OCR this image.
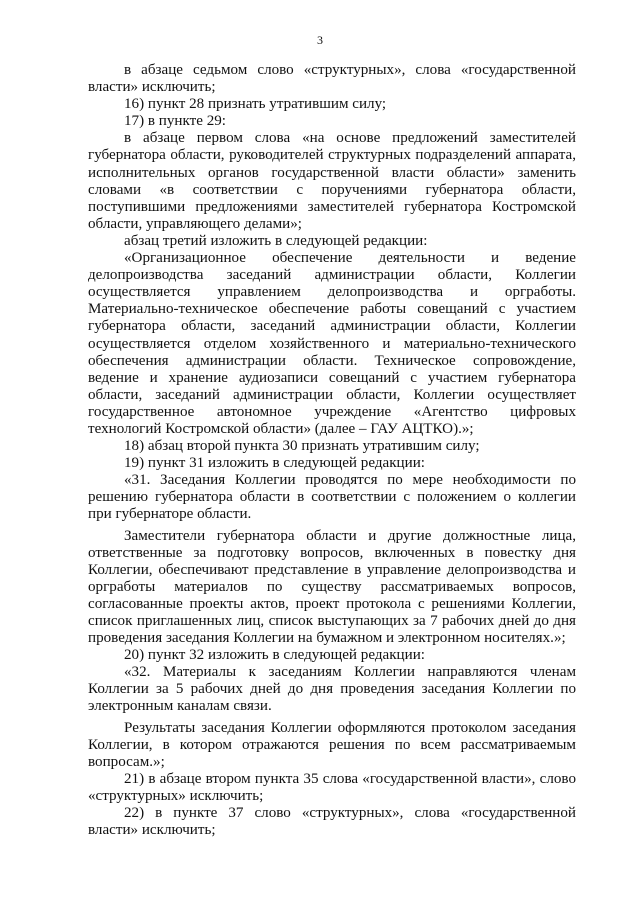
3

в абзаце седьмом слово «структурных», слова «государственной власти» исключить;

16) пункт 28 признать утратившим силу;

17) в пункте 29:

в абзаце первом слова «на основе предложений заместителей губернатора области, руководителей структурных подразделений аппарата, исполнительных органов государственной власти области» заменить словами «в соответствии с поручениями губернатора области, поступившими предложениями заместителей губернатора Костромской области, управляющего делами»;

абзац третий изложить в следующей редакции:

«Организационное обеспечение деятельности и ведение делопроизводства заседаний администрации области, Коллегии осуществляется управлением делопроизводства и оргработы. Материально-техническое обеспечение работы совещаний с участием губернатора области, заседаний администрации области, Коллегии осуществляется отделом хозяйственного и материально-технического обеспечения администрации области. Техническое сопровождение, ведение и хранение аудиозаписи совещаний с участием губернатора области, заседаний администрации области, Коллегии осуществляет государственное автономное учреждение «Агентство цифровых технологий Костромской области» (далее – ГАУ АЦТКО).»;

18) абзац второй пункта 30 признать утратившим силу;

19) пункт 31 изложить в следующей редакции:

«31. Заседания Коллегии проводятся по мере необходимости по решению губернатора области в соответствии с положением о коллегии при губернаторе области.

Заместители губернатора области и другие должностные лица, ответственные за подготовку вопросов, включенных в повестку дня Коллегии, обеспечивают представление в управление делопроизводства и оргработы материалов по существу рассматриваемых вопросов, согласованные проекты актов, проект протокола с решениями Коллегии, список приглашенных лиц, список выступающих за 7 рабочих дней до дня проведения заседания Коллегии на бумажном и электронном носителях.»;

20) пункт 32 изложить в следующей редакции:

«32. Материалы к заседаниям Коллегии направляются членам Коллегии за 5 рабочих дней до дня проведения заседания Коллегии по электронным каналам связи.

Результаты заседания Коллегии оформляются протоколом заседания Коллегии, в котором отражаются решения по всем рассматриваемым вопросам.»;

21) в абзаце втором пункта 35 слова «государственной власти», слово «структурных» исключить;

22) в пункте 37 слово «структурных», слова «государственной власти» исключить;
